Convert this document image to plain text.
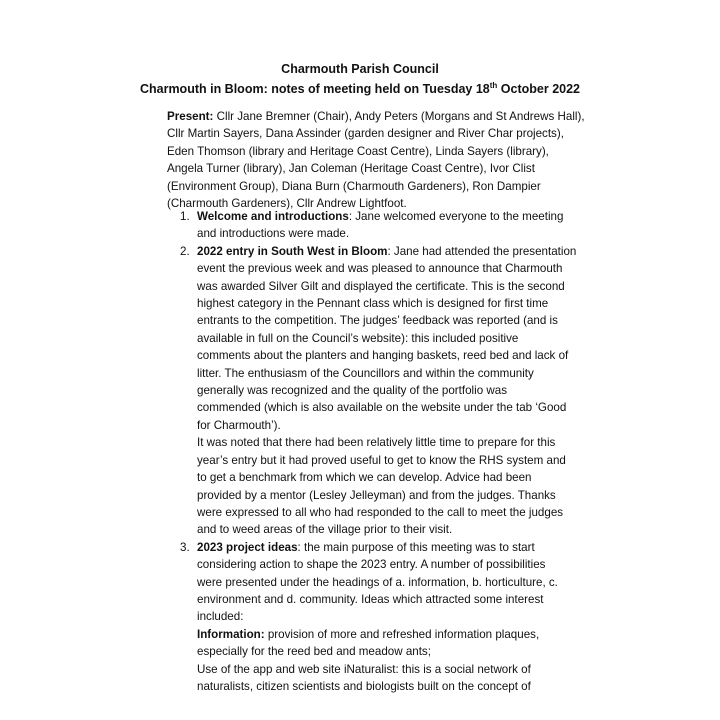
Charmouth Parish Council
Charmouth in Bloom: notes of meeting held on Tuesday 18th October 2022
Present: Cllr Jane Bremner (Chair), Andy Peters (Morgans and St Andrews Hall),
Cllr Martin Sayers, Dana Assinder (garden designer and River Char projects),
Eden Thomson (library and Heritage Coast Centre), Linda Sayers (library),
Angela Turner (library), Jan Coleman (Heritage Coast Centre), Ivor Clist
(Environment Group), Diana Burn (Charmouth Gardeners), Ron Dampier
(Charmouth Gardeners), Cllr Andrew Lightfoot.
1. Welcome and introductions: Jane welcomed everyone to the meeting
and introductions were made.
2. 2022 entry in South West in Bloom: Jane had attended the presentation
event the previous week and was pleased to announce that Charmouth
was awarded Silver Gilt and displayed the certificate. This is the second
highest category in the Pennant class which is designed for first time
entrants to the competition. The judges’ feedback was reported (and is
available in full on the Council’s website): this included positive
comments about the planters and hanging baskets, reed bed and lack of
litter. The enthusiasm of the Councillors and within the community
generally was recognized and the quality of the portfolio was
commended (which is also available on the website under the tab ‘Good
for Charmouth’).
It was noted that there had been relatively little time to prepare for this
year’s entry but it had proved useful to get to know the RHS system and
to get a benchmark from which we can develop. Advice had been
provided by a mentor (Lesley Jelleyman) and from the judges. Thanks
were expressed to all who had responded to the call to meet the judges
and to weed areas of the village prior to their visit.
3. 2023 project ideas: the main purpose of this meeting was to start
considering action to shape the 2023 entry. A number of possibilities
were presented under the headings of a. information, b. horticulture, c.
environment and d. community. Ideas which attracted some interest
included:
Information: provision of more and refreshed information plaques,
especially for the reed bed and meadow ants;
Use of the app and web site iNaturalist: this is a social network of
naturalists, citizen scientists and biologists built on the concept of
